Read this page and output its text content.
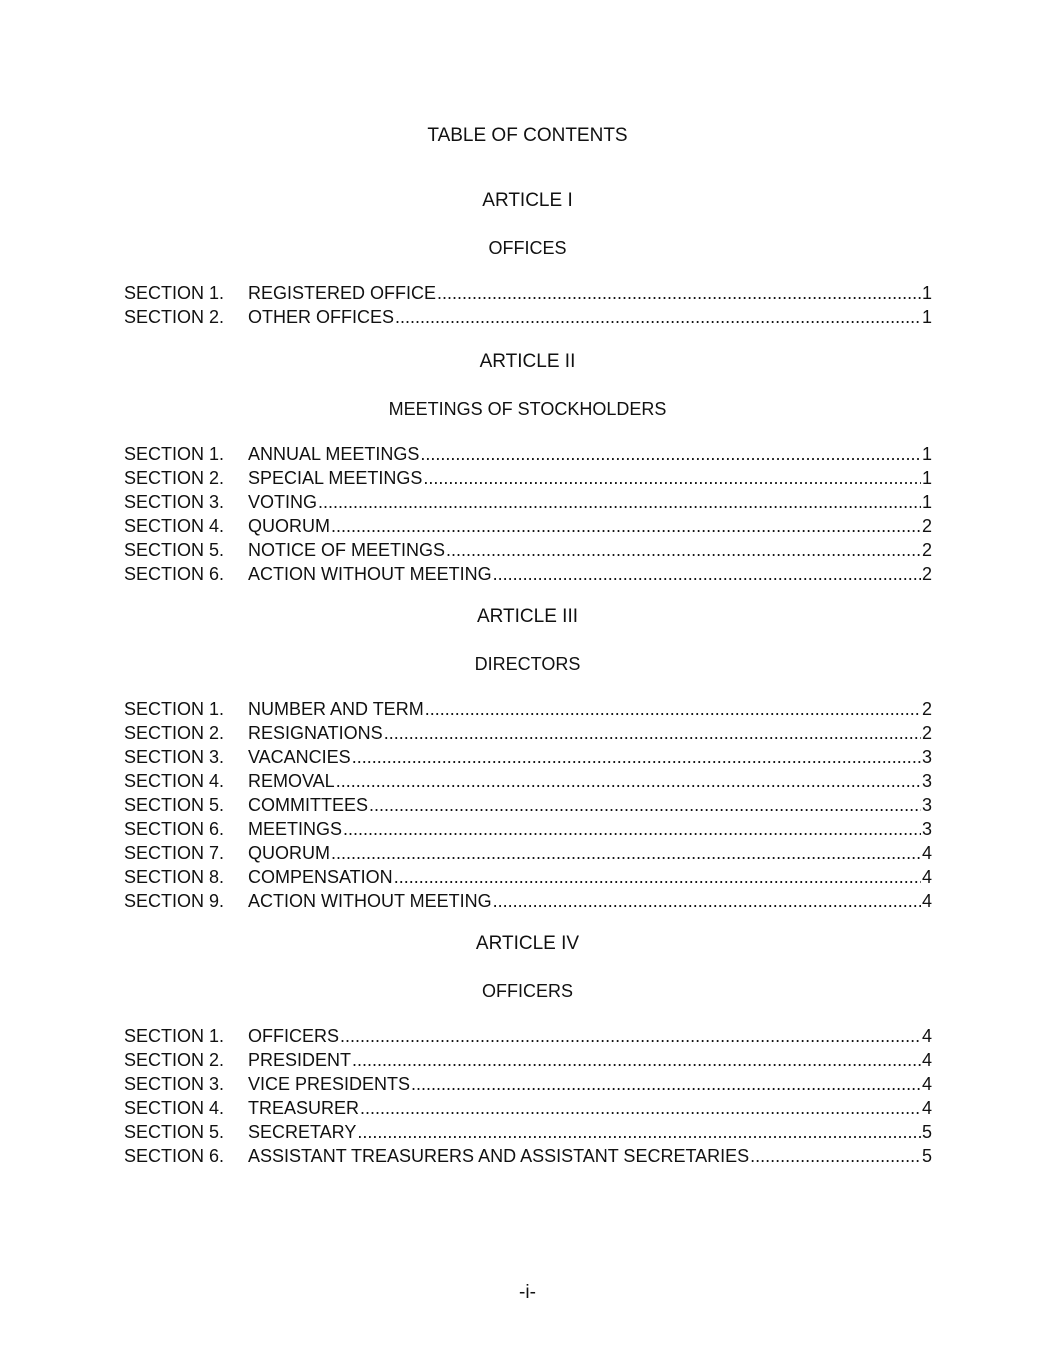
TABLE OF CONTENTS
ARTICLE I
OFFICES
SECTION 1.	REGISTERED OFFICE .....	1
SECTION 2.	OTHER OFFICES .....	1
ARTICLE II
MEETINGS OF STOCKHOLDERS
SECTION 1.	ANNUAL MEETINGS .....	1
SECTION 2.	SPECIAL MEETINGS .....	1
SECTION 3.	VOTING .....	1
SECTION 4.	QUORUM .....	2
SECTION 5.	NOTICE OF MEETINGS .....	2
SECTION 6.	ACTION WITHOUT MEETING .....	2
ARTICLE III
DIRECTORS
SECTION 1.	NUMBER AND TERM .....	2
SECTION 2.	RESIGNATIONS .....	2
SECTION 3.	VACANCIES .....	3
SECTION 4.	REMOVAL .....	3
SECTION 5.	COMMITTEES .....	3
SECTION 6.	MEETINGS .....	3
SECTION 7.	QUORUM .....	4
SECTION 8.	COMPENSATION .....	4
SECTION 9.	ACTION WITHOUT MEETING .....	4
ARTICLE IV
OFFICERS
SECTION 1.	OFFICERS .....	4
SECTION 2.	PRESIDENT .....	4
SECTION 3.	VICE PRESIDENTS .....	4
SECTION 4.	TREASURER .....	4
SECTION 5.	SECRETARY .....	5
SECTION 6.	ASSISTANT TREASURERS AND ASSISTANT SECRETARIES .....	5
-i-
